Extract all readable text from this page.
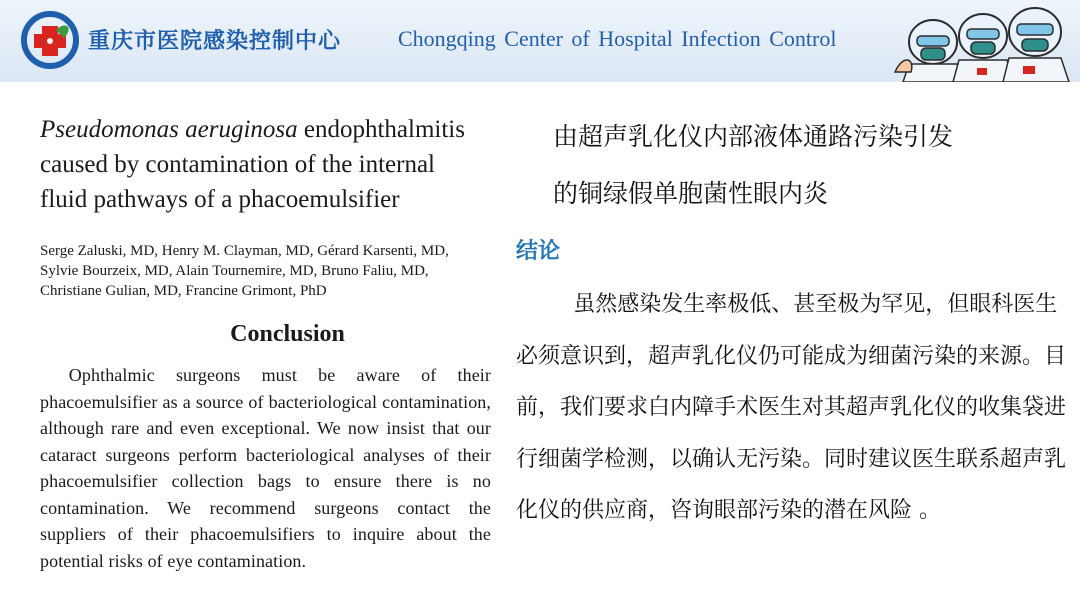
重庆市医院感染控制中心	Chongqing Center of Hospital Infection Control
Pseudomonas aeruginosa endophthalmitis
caused by contamination of the internal
fluid pathways of a phacoemulsifier
Serge Zaluski, MD, Henry M. Clayman, MD, Gérard Karsenti, MD,
Sylvie Bourzeix, MD, Alain Tournemire, MD, Bruno Faliu, MD,
Christiane Gulian, MD, Francine Grimont, PhD
Conclusion
Ophthalmic surgeons must be aware of their phacoemulsifier as a source of bacteriological contamination, although rare and even exceptional. We now insist that our cataract surgeons perform bacteriological analyses of their phacoemulsifier collection bags to ensure there is no contamination. We recommend surgeons contact the suppliers of their phacoemulsifiers to inquire about the potential risks of eye contamination.
由超声乳化仪内部液体通路污染引发
的铜绿假单胞菌性眼内炎
结论
虽然感染发生率极低、甚至极为罕见，但眼科医生必须意识到，超声乳化仪仍可能成为细菌污染的来源。目前，我们要求白内障手术医生对其超声乳化仪的收集袋进行细菌学检测，以确认无污染。同时建议医生联系超声乳化仪的供应商，咨询眼部污染的潜在风险 。
